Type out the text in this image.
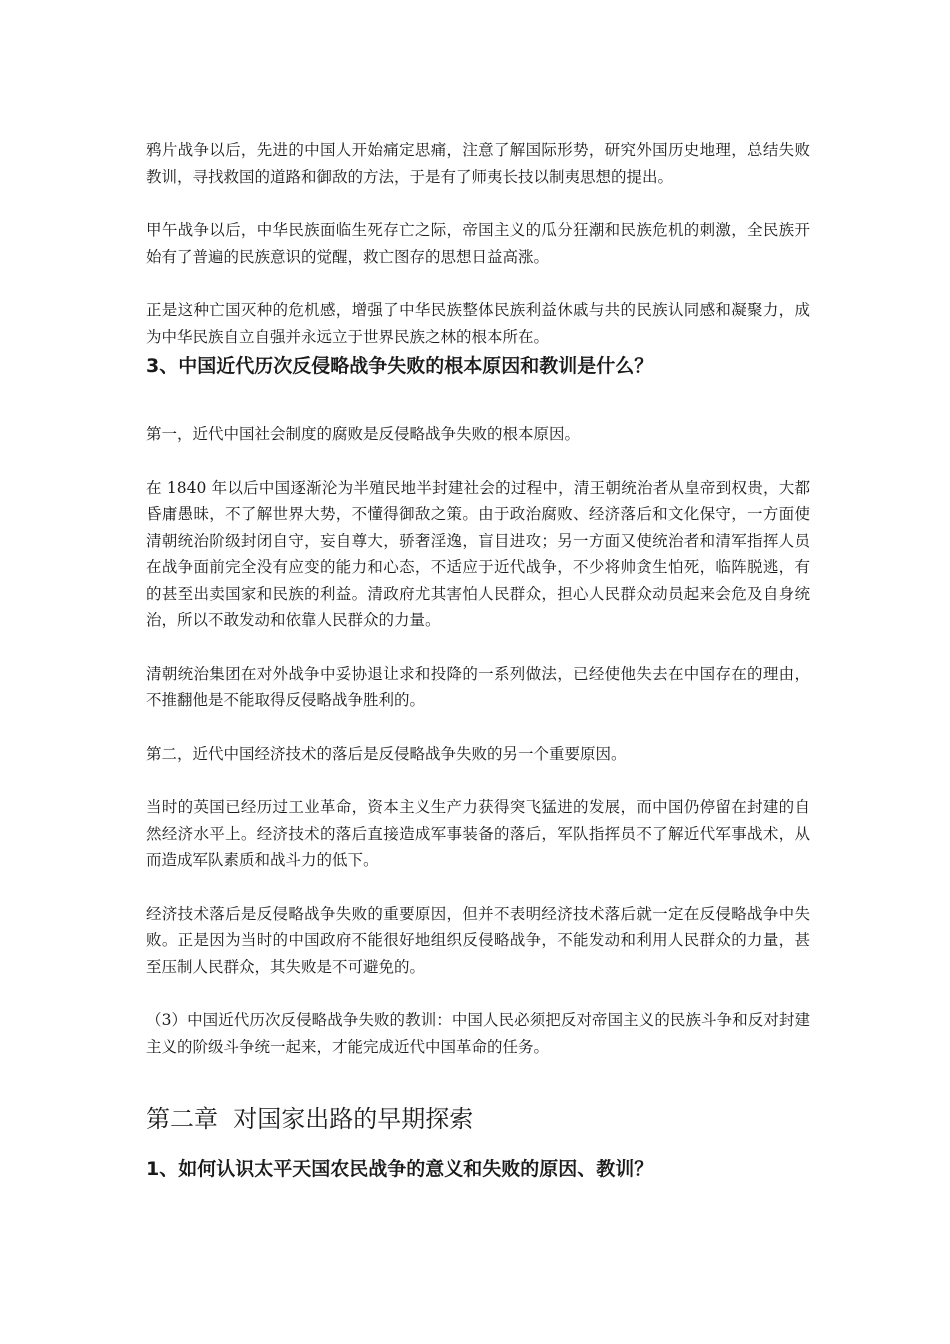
鸦片战争以后，先进的中国人开始痛定思痛，注意了解国际形势，研究外国历史地理，总结失败教训，寻找救国的道路和御敌的方法，于是有了师夷长技以制夷思想的提出。

甲午战争以后，中华民族面临生死存亡之际，帝国主义的瓜分狂潮和民族危机的刺激，全民族开始有了普遍的民族意识的觉醒，救亡图存的思想日益高涨。

正是这种亡国灭种的危机感，增强了中华民族整体民族利益休戚与共的民族认同感和凝聚力，成为中华民族自立自强并永远立于世界民族之林的根本所在。

3、中国近代历次反侵略战争失败的根本原因和教训是什么？

第一，近代中国社会制度的腐败是反侵略战争失败的根本原因。

在 1840 年以后中国逐渐沦为半殖民地半封建社会的过程中，清王朝统治者从皇帝到权贵，大都昏庸愚昧，不了解世界大势，不懂得御敌之策。由于政治腐败、经济落后和文化保守，一方面使清朝统治阶级封闭自守，妄自尊大，骄奢淫逸，盲目进攻；另一方面又使统治者和清军指挥人员在战争面前完全没有应变的能力和心态，不适应于近代战争，不少将帅贪生怕死，临阵脱逃，有的甚至出卖国家和民族的利益。清政府尤其害怕人民群众，担心人民群众动员起来会危及自身统治，所以不敢发动和依靠人民群众的力量。

清朝统治集团在对外战争中妥协退让求和投降的一系列做法，已经使他失去在中国存在的理由，不推翻他是不能取得反侵略战争胜利的。

第二，近代中国经济技术的落后是反侵略战争失败的另一个重要原因。

当时的英国已经历过工业革命，资本主义生产力获得突飞猛进的发展，而中国仍停留在封建的自然经济水平上。经济技术的落后直接造成军事装备的落后，军队指挥员不了解近代军事战术，从而造成军队素质和战斗力的低下。

经济技术落后是反侵略战争失败的重要原因，但并不表明经济技术落后就一定在反侵略战争中失败。正是因为当时的中国政府不能很好地组织反侵略战争，不能发动和利用人民群众的力量，甚至压制人民群众，其失败是不可避免的。

（3）中国近代历次反侵略战争失败的教训：中国人民必须把反对帝国主义的民族斗争和反对封建主义的阶级斗争统一起来，才能完成近代中国革命的任务。

第二章  对国家出路的早期探索
1、如何认识太平天国农民战争的意义和失败的原因、教训？
